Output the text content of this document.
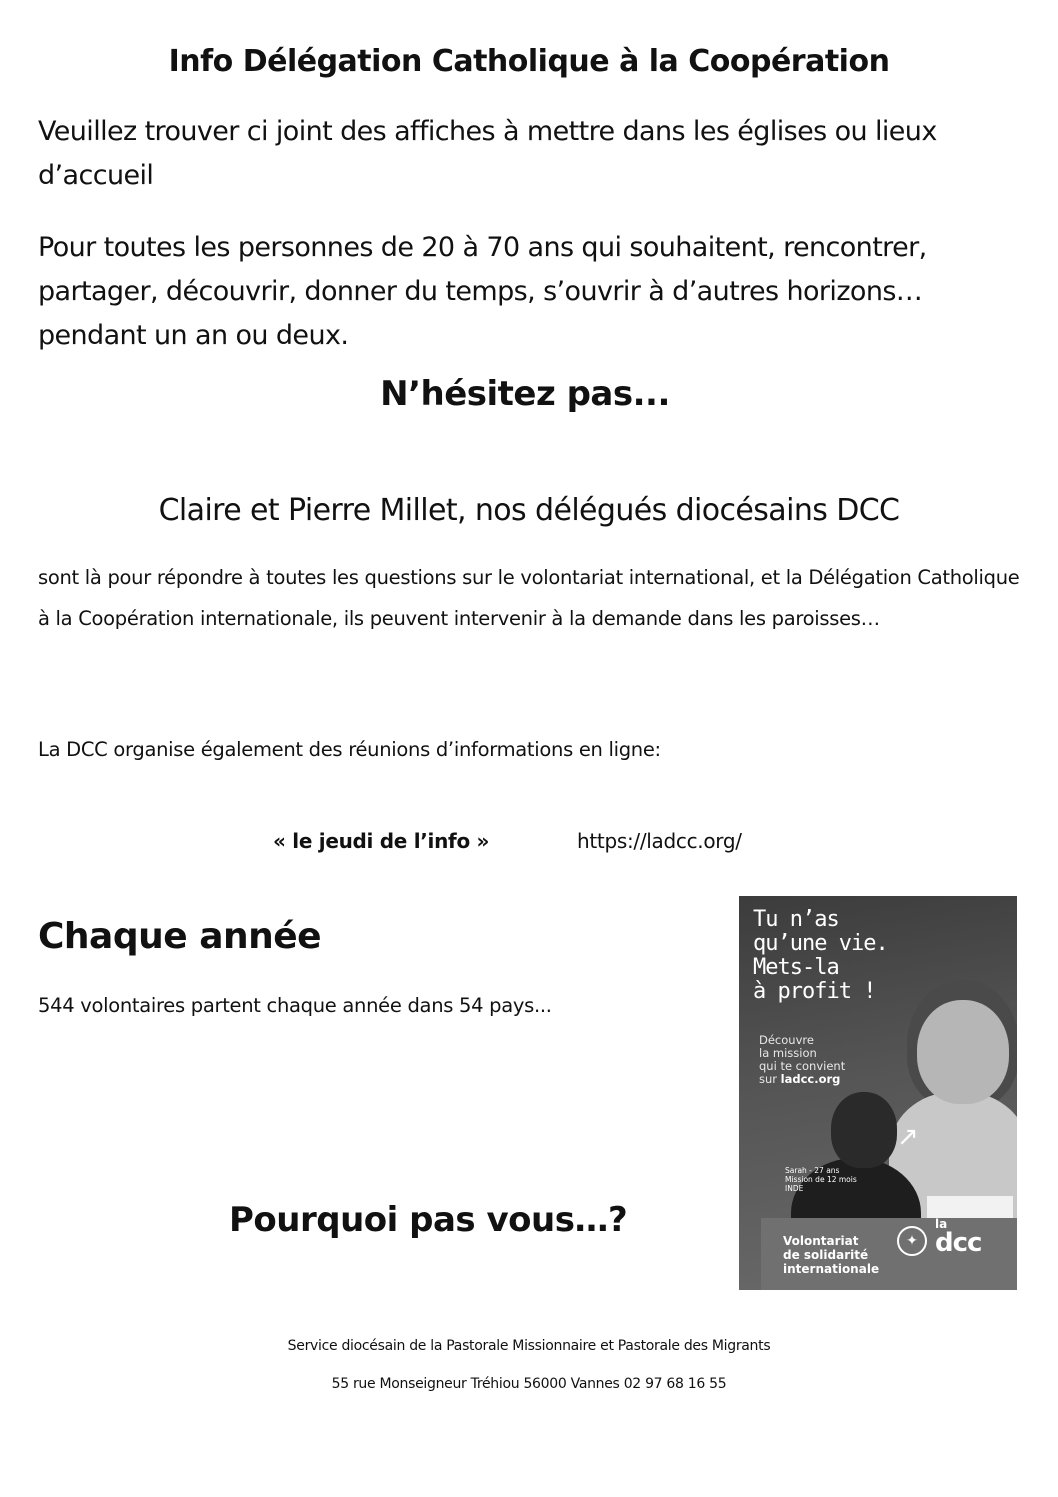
Info Délégation Catholique à la Coopération

Veuillez trouver ci joint des affiches à mettre dans les églises ou lieux d’accueil

Pour toutes les personnes de 20 à 70 ans qui souhaitent, rencontrer, partager, découvrir, donner du temps, s’ouvrir à d’autres horizons… pendant un an ou deux.

N’hésitez pas...

Claire et Pierre Millet, nos délégués diocésains DCC

sont là pour répondre à toutes les questions sur le volontariat international, et la Délégation Catholique à la Coopération internationale, ils peuvent intervenir à la demande dans les paroisses…

La DCC organise également des réunions d’informations en ligne:

« le jeudi de l’info »	https://ladcc.org/
Chaque année

544 volontaires partent chaque année dans 54 pays...

Pourquoi pas vous…?
Tu n’as
qu’une vie.
Mets-la
à profit !
Découvre
la mission
qui te convient
sur ladcc.org
↗
Sarah - 27 ans
Mission de 12 mois
INDE
Volontariat
de solidarité
internationale
✦
la
dcc

Service diocésain de la Pastorale Missionnaire et Pastorale des Migrants

55 rue Monseigneur Tréhiou 56000 Vannes 02 97 68 16 55
